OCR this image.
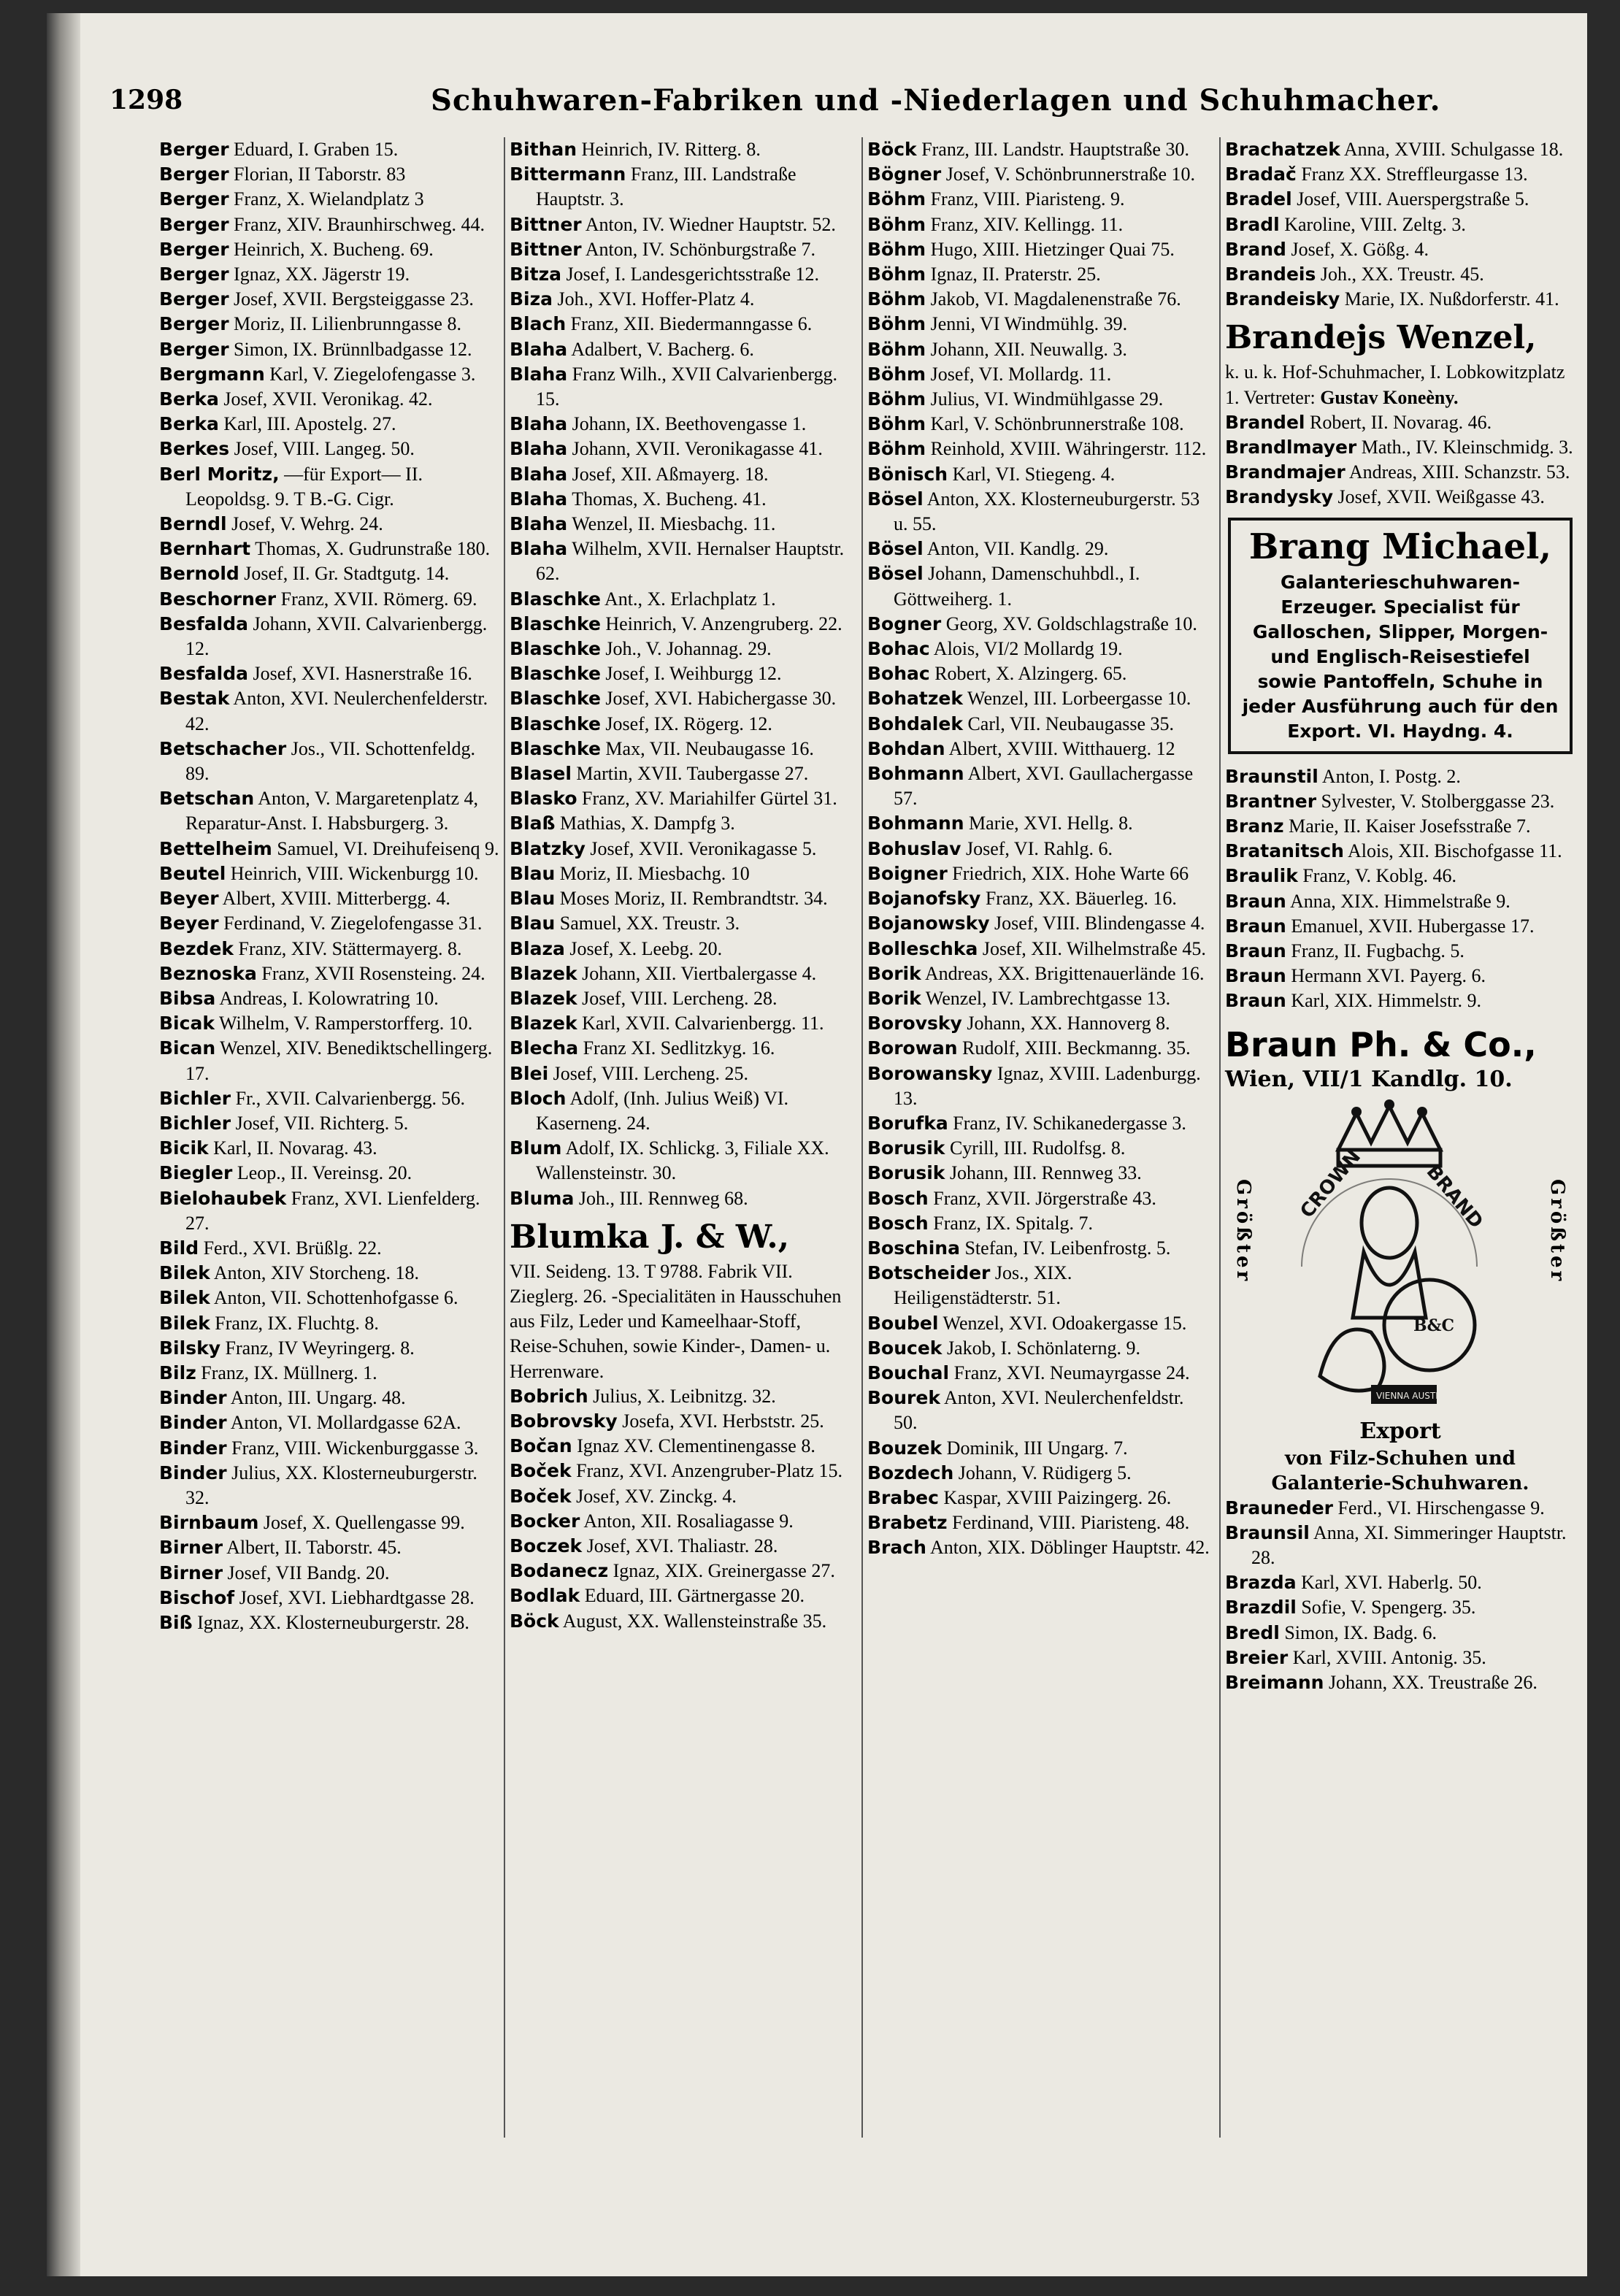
1298	Schuhwaren-Fabriken und -Niederlagen und Schuhmacher.
Berger Eduard, I. Graben 15.
Berger Florian, II Taborstr. 83
Berger Franz, X. Wielandplatz 3
Berger Franz, XIV. Braunhirschweg. 44.
Berger Heinrich, X. Bucheng. 69.
Berger Ignaz, XX. Jägerstr 19.
Berger Josef, XVII. Bergsteiggasse 23.
Berger Moriz, II. Lilienbrunngasse 8.
Berger Simon, IX. Brünnlbadgasse 12.
Bergmann Karl, V. Ziegelofengasse 3.
Berka Josef, XVII. Veronikag. 42.
Berka Karl, III. Apostelg. 27.
Berkes Josef, VIII. Langeg. 50.
Berl Moritz, —für Export— II. Leopoldsg. 9. T B.-G. Cigr.
Berndl Josef, V. Wehrg. 24.
Bernhart Thomas, X. Gudrunstraße 180.
Bernold Josef, II. Gr. Stadtgutg. 14.
Beschorner Franz, XVII. Römerg. 69.
Besfalda Johann, XVII. Calvarienbergg. 12.
Besfalda Josef, XVI. Hasnerstraße 16.
Bestak Anton, XVI. Neulerchenfelderstr. 42.
Betschacher Jos., VII. Schottenfeldg. 89.
Betschan Anton, V. Margaretenplatz 4, Reparatur-Anst. I. Habsburgerg. 3.
Bettelheim Samuel, VI. Dreihufeisenq 9.
Beutel Heinrich, VIII. Wickenburgg 10.
Beyer Albert, XVIII. Mitterbergg. 4.
Beyer Ferdinand, V. Ziegelofengasse 31.
Bezdek Franz, XIV. Stättermayerg. 8.
Beznoska Franz, XVII Rosensteing. 24.
Bibsa Andreas, I. Kolowratring 10.
Bicak Wilhelm, V. Ramperstorfferg. 10.
Bican Wenzel, XIV. Benediktschellingerg. 17.
Bichler Fr., XVII. Calvarienbergg. 56.
Bichler Josef, VII. Richterg. 5.
Bicik Karl, II. Novarag. 43.
Biegler Leop., II. Vereinsg. 20.
Bielohaubek Franz, XVI. Lienfelderg. 27.
Bild Ferd., XVI. Brüßlg. 22.
Bilek Anton, XIV Storcheng. 18.
Bilek Anton, VII. Schottenhofgasse 6.
Bilek Franz, IX. Fluchtg. 8.
Bilsky Franz, IV Weyringerg. 8.
Bilz Franz, IX. Müllnerg. 1.
Binder Anton, III. Ungarg. 48.
Binder Anton, VI. Mollardgasse 62A.
Binder Franz, VIII. Wickenburggasse 3.
Binder Julius, XX. Klosterneuburgerstr. 32.
Birnbaum Josef, X. Quellengasse 99.
Birner Albert, II. Taborstr. 45.
Birner Josef, VII Bandg. 20.
Bischof Josef, XVI. Liebhardtgasse 28.
Biß Ignaz, XX. Klosterneuburgerstr. 28.
Bithan Heinrich, IV. Ritterg. 8.
Bittermann Franz, III. Landstraße Hauptstr. 3.
Bittner Anton, IV. Wiedner Hauptstr. 52.
Bittner Anton, IV. Schönburgstraße 7.
Bitza Josef, I. Landesgerichtsstraße 12.
Biza Joh., XVI. Hoffer-Platz 4.
Blach Franz, XII. Biedermanngasse 6.
Blaha Adalbert, V. Bacherg. 6.
Blaha Franz Wilh., XVII Calvarienbergg. 15.
Blaha Johann, IX. Beethovengasse 1.
Blaha Johann, XVII. Veronikagasse 41.
Blaha Josef, XII. Aßmayerg. 18.
Blaha Thomas, X. Bucheng. 41.
Blaha Wenzel, II. Miesbachg. 11.
Blaha Wilhelm, XVII. Hernalser Hauptstr. 62.
Blaschke Ant., X. Erlachplatz 1.
Blaschke Heinrich, V. Anzengruberg. 22.
Blaschke Joh., V. Johannag. 29.
Blaschke Josef, I. Weihburgg 12.
Blaschke Josef, XVI. Habichergasse 30.
Blaschke Josef, IX. Rögerg. 12.
Blaschke Max, VII. Neubaugasse 16.
Blasel Martin, XVII. Taubergasse 27.
Blasko Franz, XV. Mariahilfer Gürtel 31.
Blaß Mathias, X. Dampfg 3.
Blatzky Josef, XVII. Veronikagasse 5.
Blau Moriz, II. Miesbachg. 10
Blau Moses Moriz, II. Rembrandtstr. 34.
Blau Samuel, XX. Treustr. 3.
Blaza Josef, X. Leebg. 20.
Blazek Johann, XII. Viertbalergasse 4.
Blazek Josef, VIII. Lercheng. 28.
Blazek Karl, XVII. Calvarienbergg. 11.
Blecha Franz XI. Sedlitzkyg. 16.
Blei Josef, VIII. Lercheng. 25.
Bloch Adolf, (Inh. Julius Weiß) VI. Kaserneng. 24.
Blum Adolf, IX. Schlickg. 3, Filiale XX. Wallensteinstr. 30.
Bluma Joh., III. Rennweg 68.
Blumka J. & W.,
VII. Seideng. 13. T 9788. Fabrik VII. Zieglerg. 26. -Specialitäten in Hausschuhen aus Filz, Leder und Kameelhaar-Stoff, Reise-Schuhen, sowie Kinder-, Damen- u. Herrenware.
Bobrich Julius, X. Leibnitzg. 32.
Bobrovsky Josefa, XVI. Herbststr. 25.
Bočan Ignaz XV. Clementinengasse 8.
Boček Franz, XVI. Anzengruber-Platz 15.
Boček Josef, XV. Zinckg. 4.
Bocker Anton, XII. Rosaliagasse 9.
Boczek Josef, XVI. Thaliastr. 28.
Bodanecz Ignaz, XIX. Greinergasse 27.
Bodlak Eduard, III. Gärtnergasse 20.
Böck August, XX. Wallensteinstraße 35.
Böck Franz, III. Landstr. Hauptstraße 30.
Bögner Josef, V. Schönbrunnerstraße 10.
Böhm Franz, VIII. Piaristeng. 9.
Böhm Franz, XIV. Kellingg. 11.
Böhm Hugo, XIII. Hietzinger Quai 75.
Böhm Ignaz, II. Praterstr. 25.
Böhm Jakob, VI. Magdalenenstraße 76.
Böhm Jenni, VI Windmühlg. 39.
Böhm Johann, XII. Neuwallg. 3.
Böhm Josef, VI. Mollardg. 11.
Böhm Julius, VI. Windmühlgasse 29.
Böhm Karl, V. Schönbrunnerstraße 108.
Böhm Reinhold, XVIII. Währingerstr. 112.
Bönisch Karl, VI. Stiegeng. 4.
Bösel Anton, XX. Klosterneuburgerstr. 53 u. 55.
Bösel Anton, VII. Kandlg. 29.
Bösel Johann, Damenschuhbdl., I. Göttweiherg. 1.
Bogner Georg, XV. Goldschlagstraße 10.
Bohac Alois, VI/2 Mollardg 19.
Bohac Robert, X. Alzingerg. 65.
Bohatzek Wenzel, III. Lorbeergasse 10.
Bohdalek Carl, VII. Neubaugasse 35.
Bohdan Albert, XVIII. Witthauerg. 12
Bohmann Albert, XVI. Gaullachergasse 57.
Bohmann Marie, XVI. Hellg. 8.
Bohuslav Josef, VI. Rahlg. 6.
Boigner Friedrich, XIX. Hohe Warte 66
Bojanofsky Franz, XX. Bäuerleg. 16.
Bojanowsky Josef, VIII. Blindengasse 4.
Bolleschka Josef, XII. Wilhelmstraße 45.
Borik Andreas, XX. Brigittenauerlände 16.
Borik Wenzel, IV. Lambrechtgasse 13.
Borovsky Johann, XX. Hannoverg 8.
Borowan Rudolf, XIII. Beckmanng. 35.
Borowansky Ignaz, XVIII. Ladenburgg. 13.
Borufka Franz, IV. Schikanedergasse 3.
Borusik Cyrill, III. Rudolfsg. 8.
Borusik Johann, III. Rennweg 33.
Bosch Franz, XVII. Jörgerstraße 43.
Bosch Franz, IX. Spitalg. 7.
Boschina Stefan, IV. Leibenfrostg. 5.
Botscheider Jos., XIX. Heiligenstädterstr. 51.
Boubel Wenzel, XVI. Odoakergasse 15.
Boucek Jakob, I. Schönlaterng. 9.
Bouchal Franz, XVI. Neumayrgasse 24.
Bourek Anton, XVI. Neulerchenfeldstr. 50.
Bouzek Dominik, III Ungarg. 7.
Bozdech Johann, V. Rüdigerg 5.
Brabec Kaspar, XVIII Paizingerg. 26.
Brabetz Ferdinand, VIII. Piaristeng. 48.
Brach Anton, XIX. Döblinger Hauptstr. 42.
Brachatzek Anna, XVIII. Schulgasse 18.
Bradač Franz XX. Streffleurgasse 13.
Bradel Josef, VIII. Auerspergstraße 5.
Bradl Karoline, VIII. Zeltg. 3.
Brand Josef, X. Gößg. 4.
Brandeis Joh., XX. Treustr. 45.
Brandeisky Marie, IX. Nußdorferstr. 41.
Brandejs Wenzel,
k. u. k. Hof-Schuhmacher, I. Lobkowitzplatz 1. Vertreter: Gustav Koneèny.
Brandel Robert, II. Novarag. 46.
Brandlmayer Math., IV. Kleinschmidg. 3.
Brandmajer Andreas, XIII. Schanzstr. 53.
Brandysky Josef, XVII. Weißgasse 43.
Brang Michael,
Galanterieschuhwaren-Erzeuger. Specialist für Galloschen, Slipper, Morgen- und Englisch-Reisestiefel sowie Pantoffeln, Schuhe in jeder Ausführung auch für den Export. VI. Haydng. 4.
Braunstil Anton, I. Postg. 2.
Brantner Sylvester, V. Stolberggasse 23.
Branz Marie, II. Kaiser Josefsstraße 7.
Bratanitsch Alois, XII. Bischofgasse 11.
Braulik Franz, V. Koblg. 46.
Braun Anna, XIX. Himmelstraße 9.
Braun Emanuel, XVII. Hubergasse 17.
Braun Franz, II. Fugbachg. 5.
Braun Hermann XVI. Payerg. 6.
Braun Karl, XIX. Himmelstr. 9.
Braun Ph. & Co.,
Wien, VII/1 Kandlg. 10.
Größter	Größter
CROWN	BRAND
B&C
VIENNA AUSTRIA
Export
von Filz-Schuhen und Galanterie-Schuhwaren.
Brauneder Ferd., VI. Hirschengasse 9.
Braunsil Anna, XI. Simmeringer Hauptstr. 28.
Brazda Karl, XVI. Haberlg. 50.
Brazdil Sofie, V. Spengerg. 35.
Bredl Simon, IX. Badg. 6.
Breier Karl, XVIII. Antonig. 35.
Breimann Johann, XX. Treustraße 26.
